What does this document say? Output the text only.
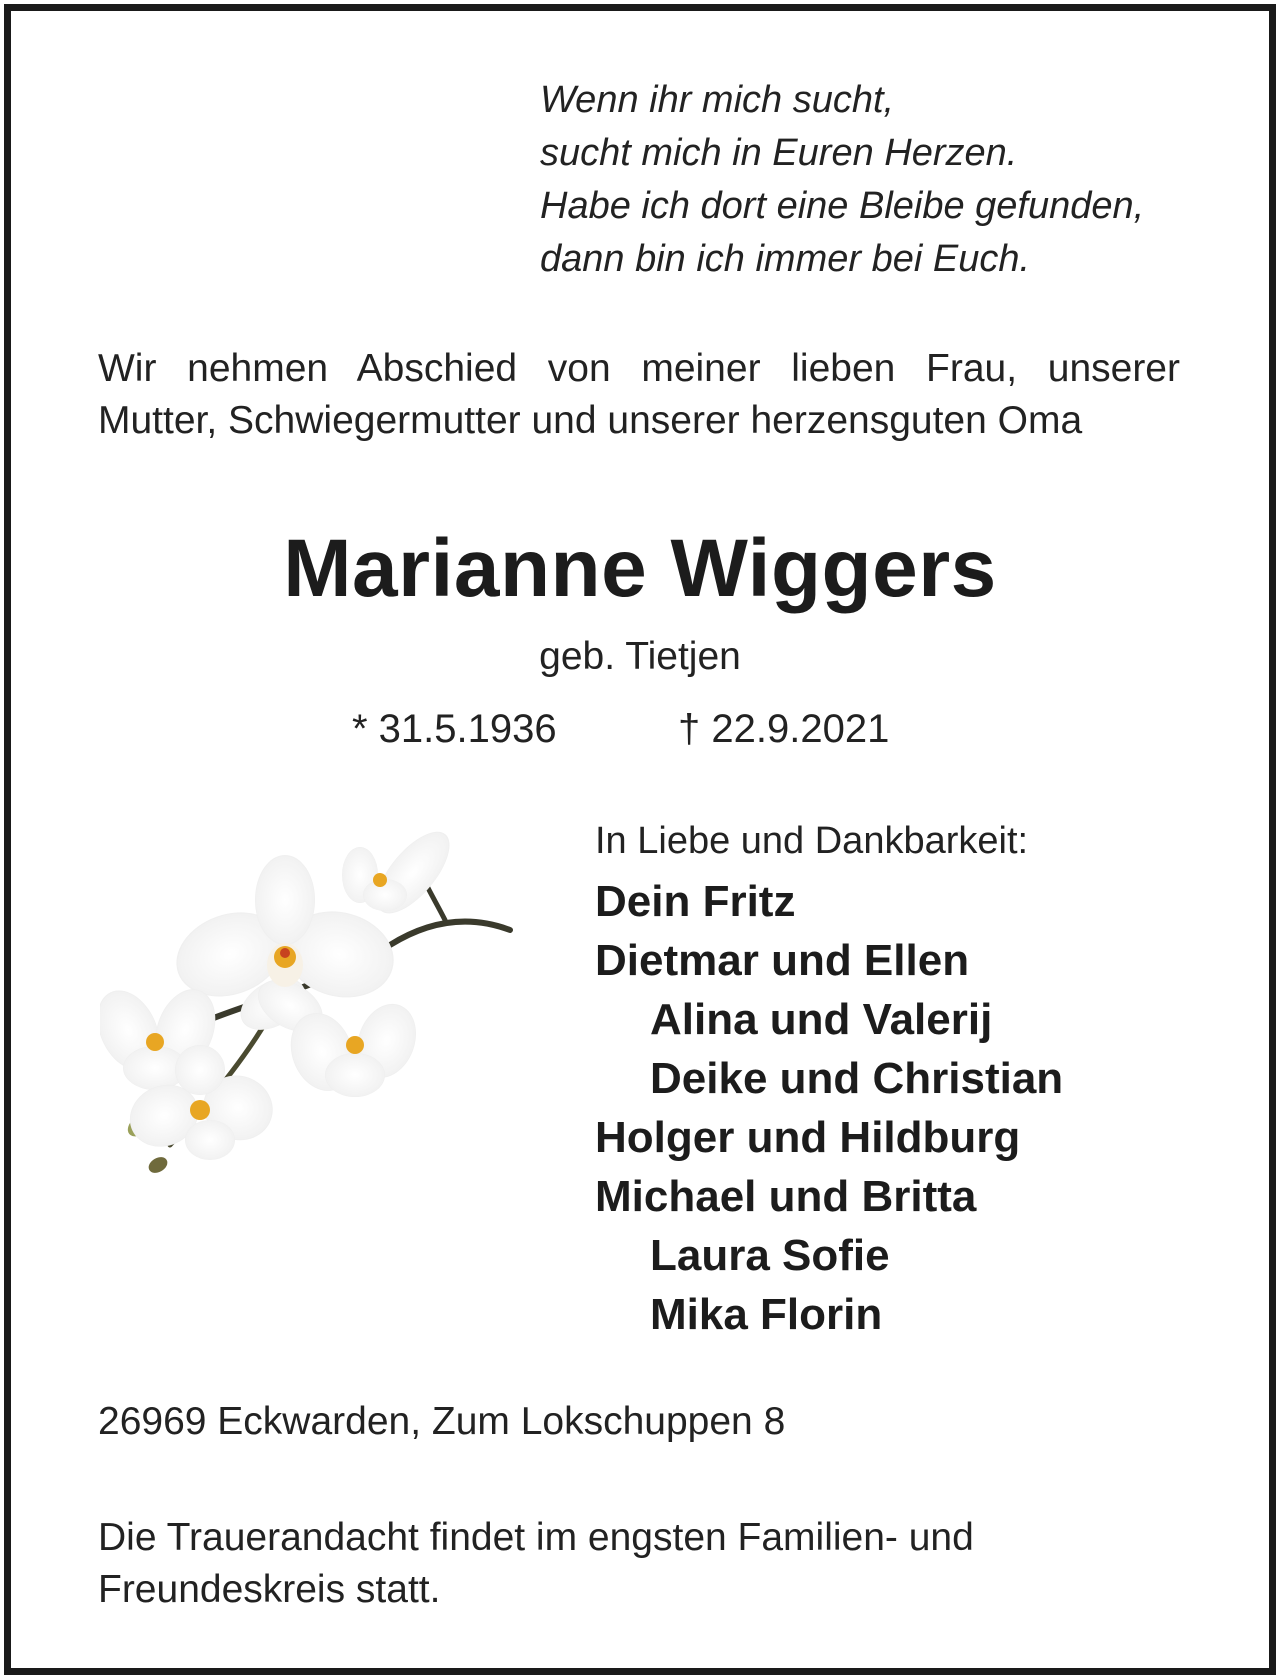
Wenn ihr mich sucht,
sucht mich in Euren Herzen.
Habe ich dort eine Bleibe gefunden,
dann bin ich immer bei Euch.
Wir nehmen Abschied von meiner lieben Frau, unserer
Mutter, Schwiegermutter und unserer herzensguten Oma
Marianne Wiggers
geb. Tietjen
* 31.5.1936	† 22.9.2021
In Liebe und Dankbarkeit:
Dein Fritz
Dietmar und Ellen
Alina und Valerij
Deike und Christian
Holger und Hildburg
Michael und Britta
Laura Sofie
Mika Florin
26969 Eckwarden, Zum Lokschuppen 8
Die Trauerandacht findet im engsten Familien- und
Freundeskreis statt.
